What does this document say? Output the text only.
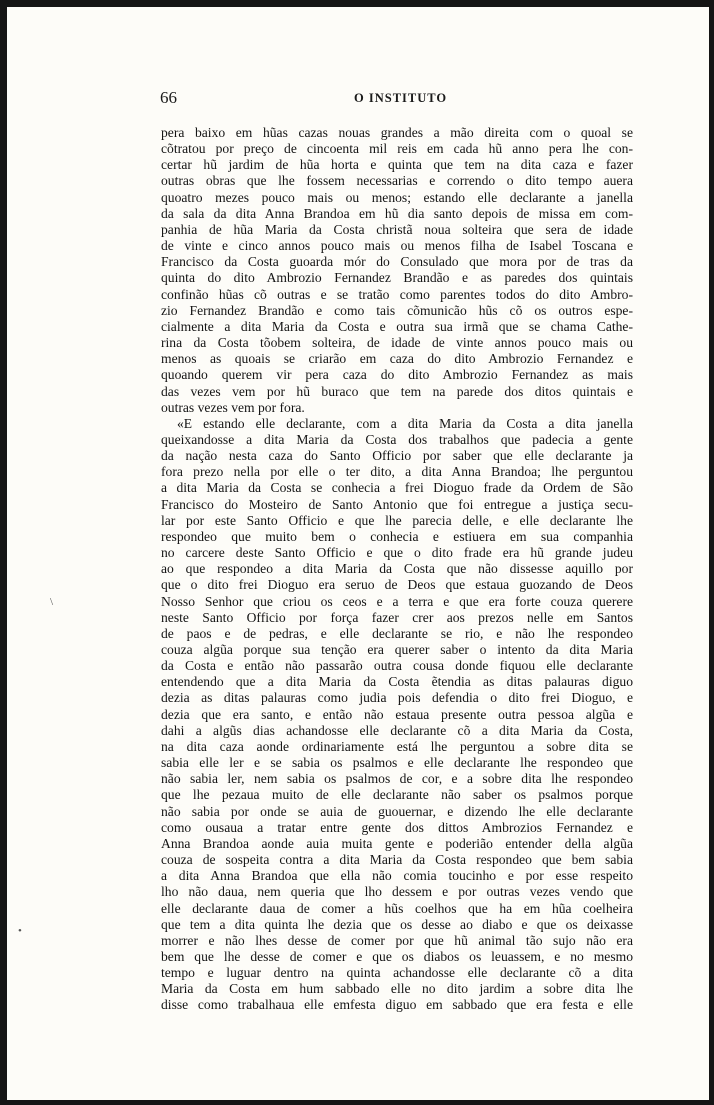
66	O INSTITUTO
•
\
pera baixo em hũas cazas nouas grandes a mão direita com o quoal se
cõtratou por preço de cincoenta mil reis em cada hũ anno pera lhe con-
certar hũ jardim de hũa horta e quinta que tem na dita caza e fazer
outras obras que lhe fossem necessarias e correndo o dito tempo auera
quoatro mezes pouco mais ou menos; estando elle declarante a janella
da sala da dita Anna Brandoa em hũ dia santo depois de missa em com-
panhia de hũa Maria da Costa christã noua solteira que sera de idade
de vinte e cinco annos pouco mais ou menos filha de Isabel Toscana e
Francisco da Costa guoarda mór do Consulado que mora por de tras da
quinta do dito Ambrozio Fernandez Brandão e as paredes dos quintais
confinão hũas cõ outras e se tratão como parentes todos do dito Ambro-
zio Fernandez Brandão e como tais cõmunicão hũs cõ os outros espe-
cialmente a dita Maria da Costa e outra sua irmã que se chama Cathe-
rina da Costa tõobem solteira, de idade de vinte annos pouco mais ou
menos as quoais se criarão em caza do dito Ambrozio Fernandez e
quoando querem vir pera caza do dito Ambrozio Fernandez as mais
das vezes vem por hũ buraco que tem na parede dos ditos quintais e
outras vezes vem por fora.
«E estando elle declarante, com a dita Maria da Costa a dita janella
queixandosse a dita Maria da Costa dos trabalhos que padecia a gente
da nação nesta caza do Santo Officio por saber que elle declarante ja
fora prezo nella por elle o ter dito, a dita Anna Brandoa; lhe perguntou
a dita Maria da Costa se conhecia a frei Dioguo frade da Ordem de São
Francisco do Mosteiro de Santo Antonio que foi entregue a justiça secu-
lar por este Santo Officio e que lhe parecia delle, e elle declarante lhe
respondeo que muito bem o conhecia e estiuera em sua companhia
no carcere deste Santo Officio e que o dito frade era hũ grande judeu
ao que respondeo a dita Maria da Costa que não dissesse aquillo por
que o dito frei Dioguo era seruo de Deos que estaua guozando de Deos
Nosso Senhor que criou os ceos e a terra e que era forte couza querere
neste Santo Officio por força fazer crer aos prezos nelle em Santos
de paos e de pedras, e elle declarante se rio, e não lhe respondeo
couza algũa porque sua tenção era querer saber o intento da dita Maria
da Costa e então não passarão outra cousa donde fiquou elle declarante
entendendo que a dita Maria da Costa ẽtendia as ditas palauras diguo
dezia as ditas palauras como judia pois defendia o dito frei Dioguo, e
dezia que era santo, e então não estaua presente outra pessoa algũa e
dahi a algũs dias achandosse elle declarante cõ a dita Maria da Costa,
na dita caza aonde ordinariamente está lhe perguntou a sobre dita se
sabia elle ler e se sabia os psalmos e elle declarante lhe respondeo que
não sabia ler, nem sabia os psalmos de cor, e a sobre dita lhe respondeo
que lhe pezaua muito de elle declarante não saber os psalmos porque
não sabia por onde se auia de guouernar, e dizendo lhe elle declarante
como ousaua a tratar entre gente dos dittos Ambrozios Fernandez e
Anna Brandoa aonde auia muita gente e poderião entender della algũa
couza de sospeita contra a dita Maria da Costa respondeo que bem sabia
a dita Anna Brandoa que ella não comia toucinho e por esse respeito
lho não daua, nem queria que lho dessem e por outras vezes vendo que
elle declarante daua de comer a hũs coelhos que ha em hũa coelheira
que tem a dita quinta lhe dezia que os desse ao diabo e que os deixasse
morrer e não lhes desse de comer por que hũ animal tão sujo não era
bem que lhe desse de comer e que os diabos os leuassem, e no mesmo
tempo e luguar dentro na quinta achandosse elle declarante cõ a dita
Maria da Costa em hum sabbado elle no dito jardim a sobre dita lhe
disse como trabalhaua elle emfesta diguo em sabbado que era festa e elle
